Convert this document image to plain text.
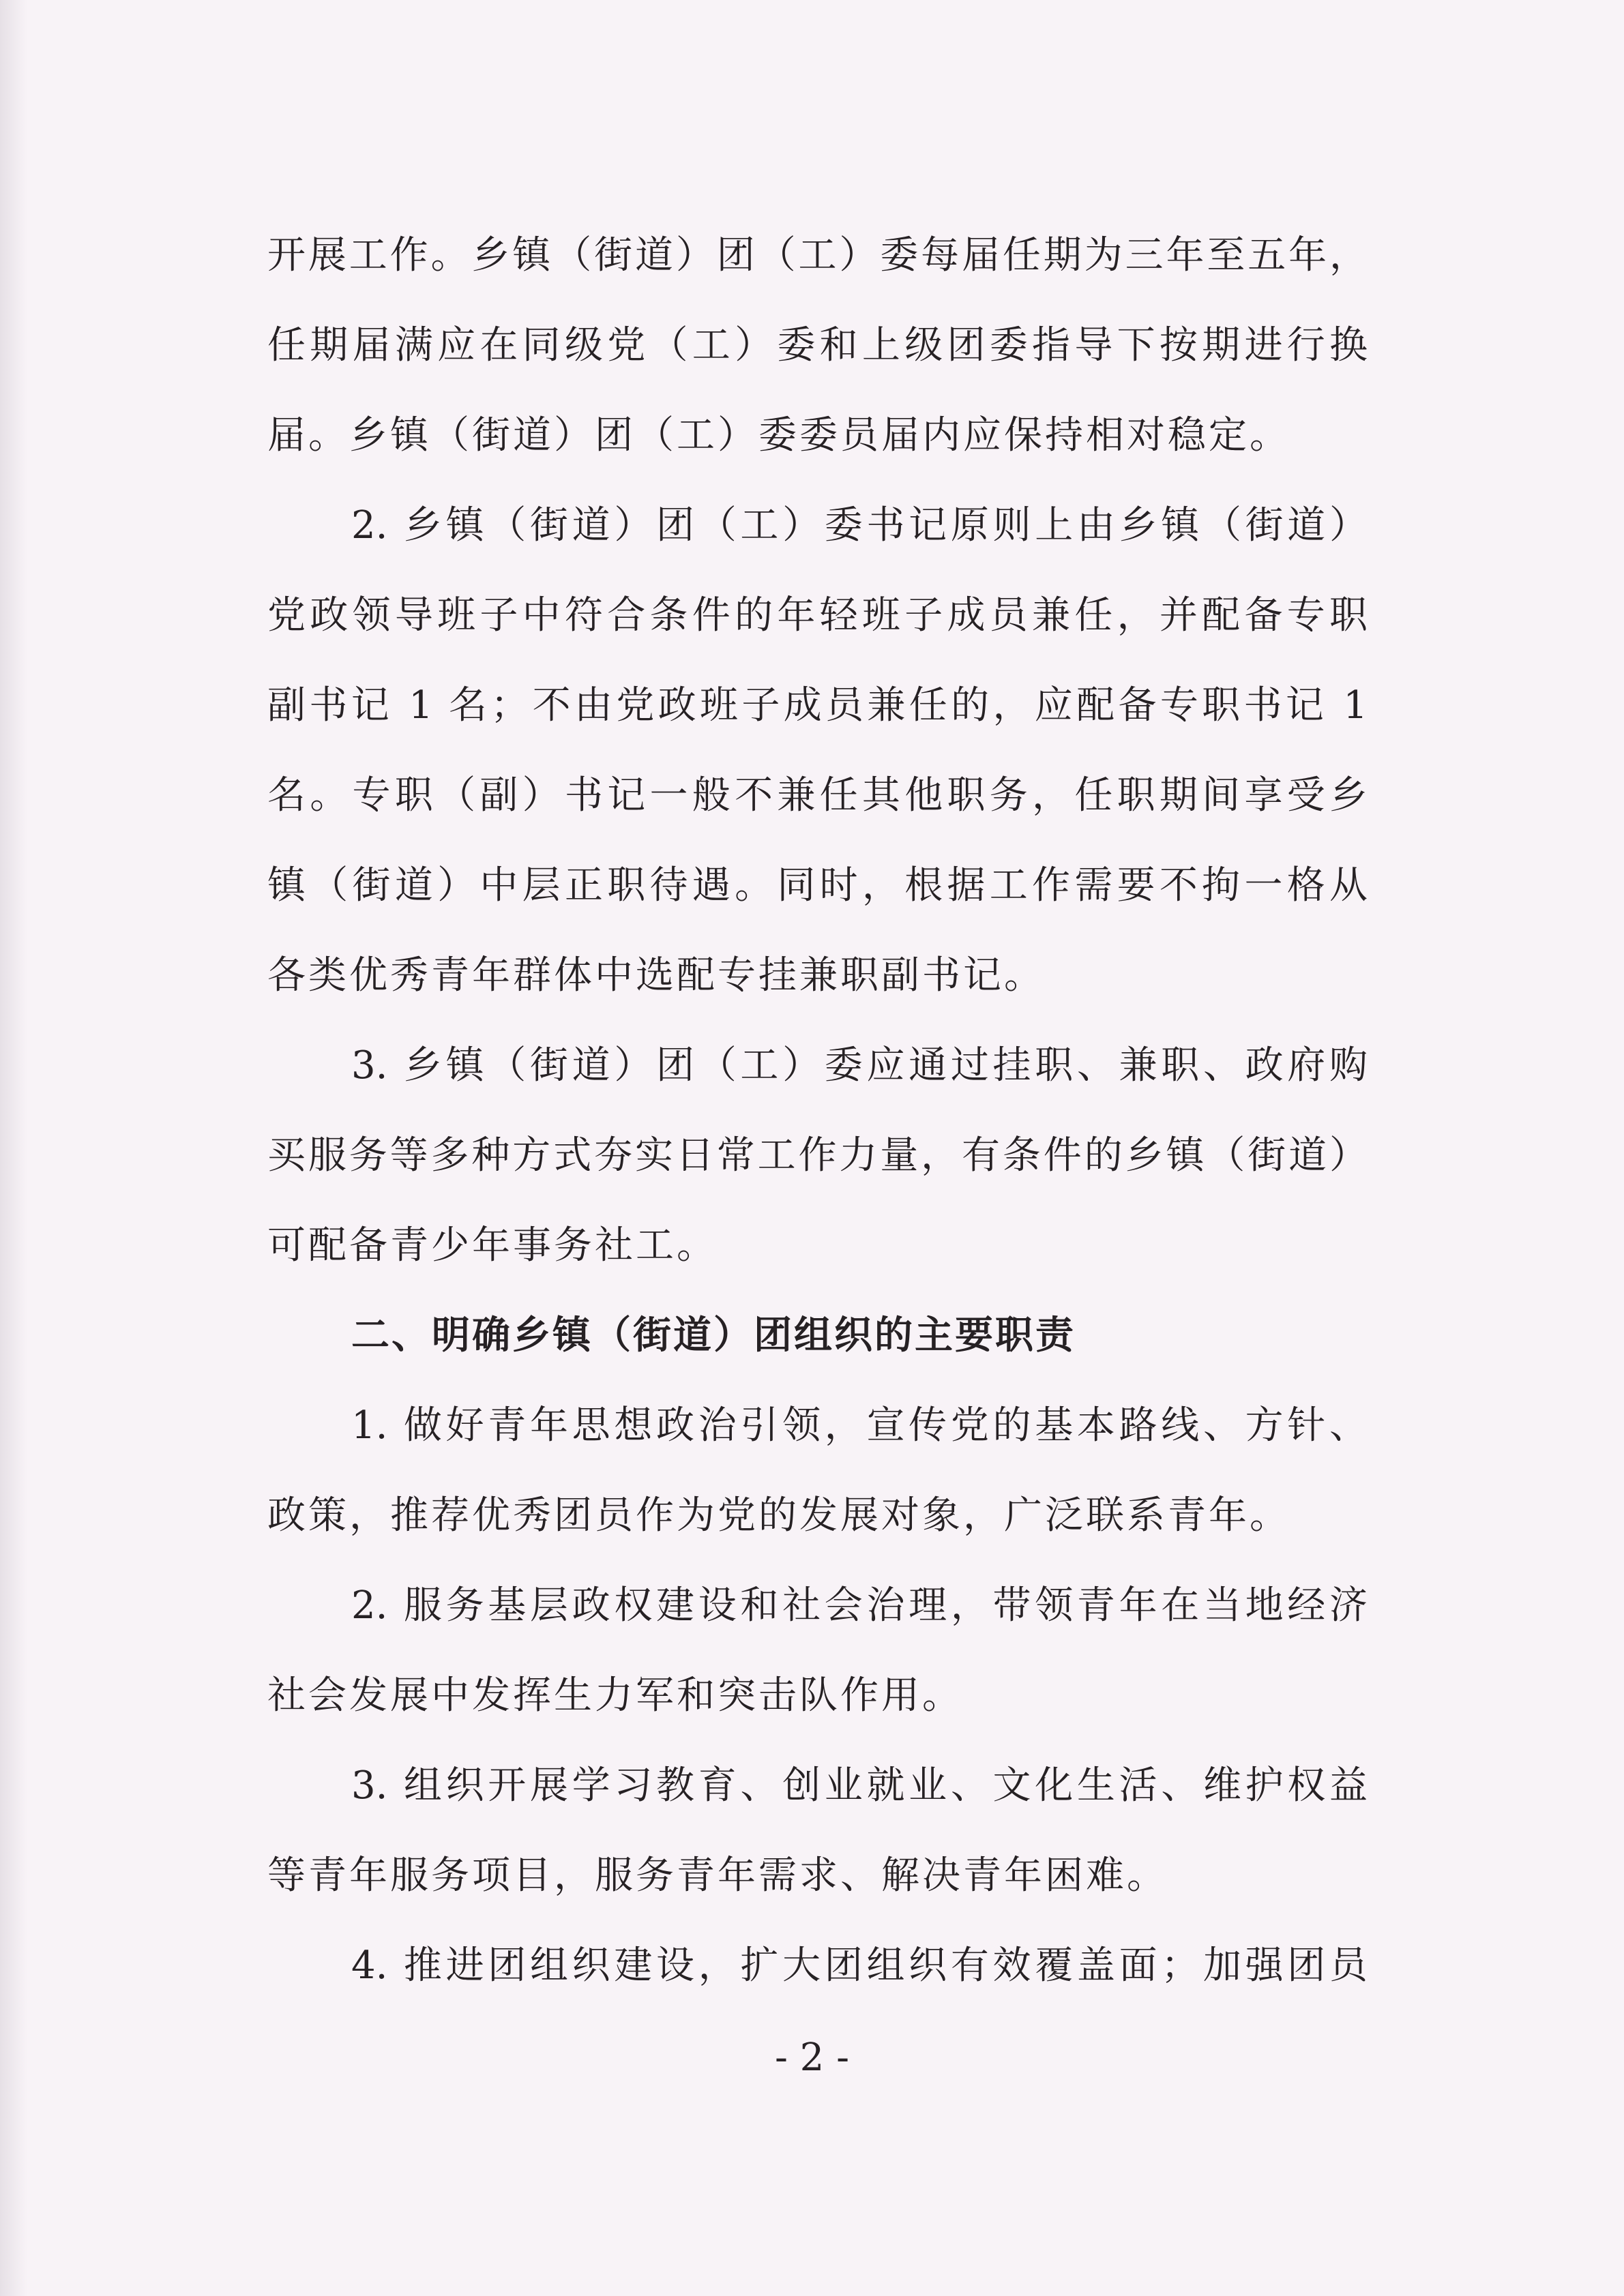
开展工作。乡镇（街道）团（工）委每届任期为三年至五年，
任期届满应在同级党（工）委和上级团委指导下按期进行换
届。乡镇（街道）团（工）委委员届内应保持相对稳定。
2. 乡镇（街道）团（工）委书记原则上由乡镇（街道）
党政领导班子中符合条件的年轻班子成员兼任，并配备专职
副书记 1 名；不由党政班子成员兼任的，应配备专职书记 1
名。专职（副）书记一般不兼任其他职务，任职期间享受乡
镇（街道）中层正职待遇。同时，根据工作需要不拘一格从
各类优秀青年群体中选配专挂兼职副书记。
3. 乡镇（街道）团（工）委应通过挂职、兼职、政府购
买服务等多种方式夯实日常工作力量，有条件的乡镇（街道）
可配备青少年事务社工。
二、明确乡镇（街道）团组织的主要职责
1. 做好青年思想政治引领，宣传党的基本路线、方针、
政策，推荐优秀团员作为党的发展对象，广泛联系青年。
2. 服务基层政权建设和社会治理，带领青年在当地经济
社会发展中发挥生力军和突击队作用。
3. 组织开展学习教育、创业就业、文化生活、维护权益
等青年服务项目，服务青年需求、解决青年困难。
4. 推进团组织建设，扩大团组织有效覆盖面；加强团员
- 2 -
